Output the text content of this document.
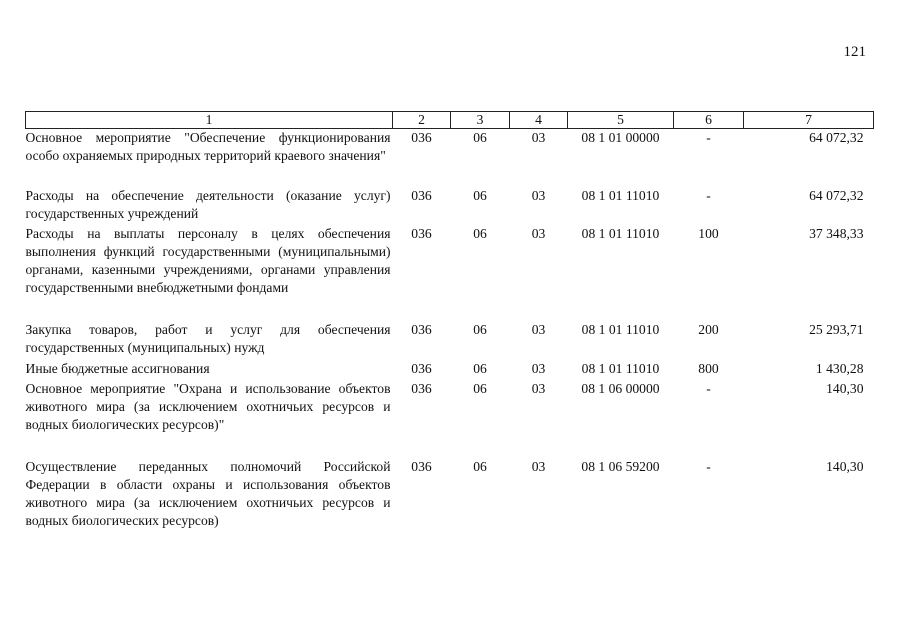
121
1	2	3	4	5	6	7
Основное мероприятие "Обеспечение функционирования особо охраняемых природных территорий краевого значения"	036	06	03	08 1 01 00000	-	64 072,32
Расходы на обеспечение деятельности (оказание услуг) государственных учреждений	036	06	03	08 1 01 11010	-	64 072,32
Расходы на выплаты персоналу в целях обеспечения выполнения функций государственными (муниципальными) органами, казенными учреждениями, органами управления государственными внебюджетными фондами	036	06	03	08 1 01 11010	100	37 348,33
Закупка товаров, работ и услуг для обеспечения государственных (муниципальных) нужд	036	06	03	08 1 01 11010	200	25 293,71
Иные бюджетные ассигнования	036	06	03	08 1 01 11010	800	1 430,28
Основное мероприятие "Охрана и использование объектов животного мира (за исключением охотничьих ресурсов и водных биологических ресурсов)"	036	06	03	08 1 06 00000	-	140,30
Осуществление переданных полномочий Российской Федерации в области охраны и использования объектов животного мира (за исключением охотничьих ресурсов и водных биологических ресурсов)	036	06	03	08 1 06 59200	-	140,30
